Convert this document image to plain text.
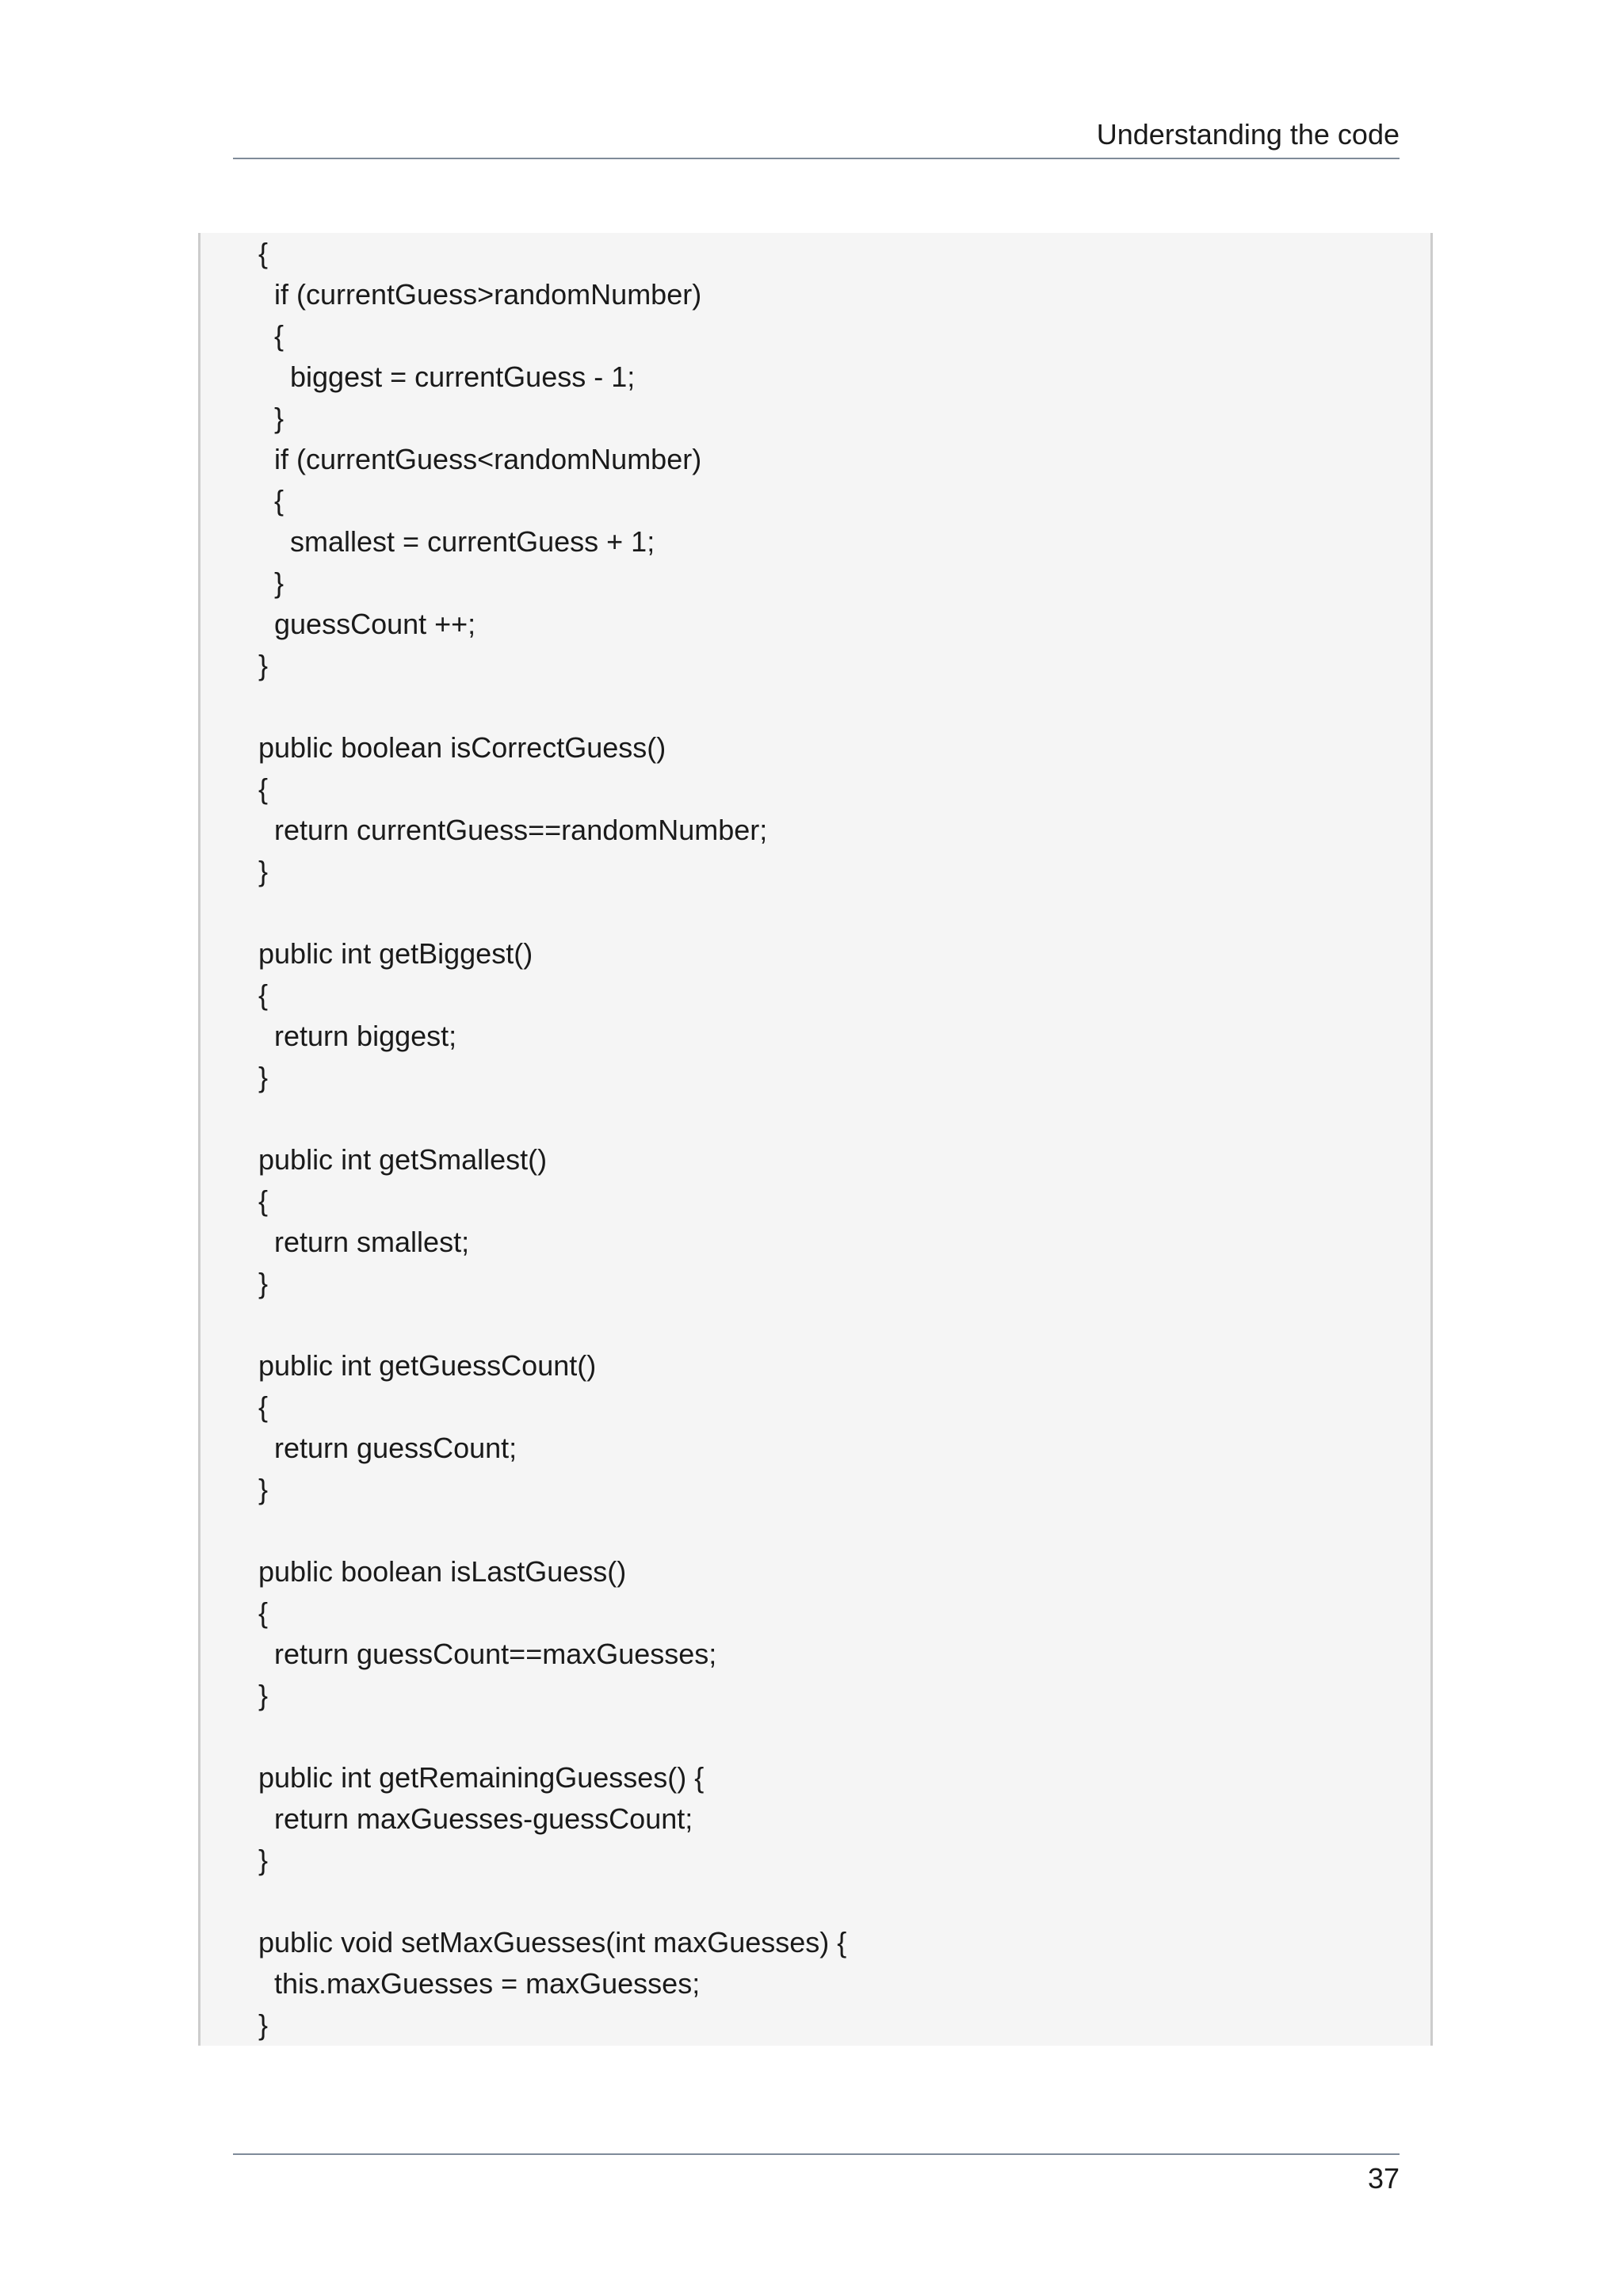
Understanding the code
{
if (currentGuess>randomNumber)
{
biggest = currentGuess - 1;
}
if (currentGuess<randomNumber)
{
smallest = currentGuess + 1;
}
guessCount ++;
}
public boolean isCorrectGuess()
{
return currentGuess==randomNumber;
}
public int getBiggest()
{
return biggest;
}
public int getSmallest()
{
return smallest;
}
public int getGuessCount()
{
return guessCount;
}
public boolean isLastGuess()
{
return guessCount==maxGuesses;
}
public int getRemainingGuesses() {
return maxGuesses-guessCount;
}
public void setMaxGuesses(int maxGuesses) {
this.maxGuesses = maxGuesses;
}
37
